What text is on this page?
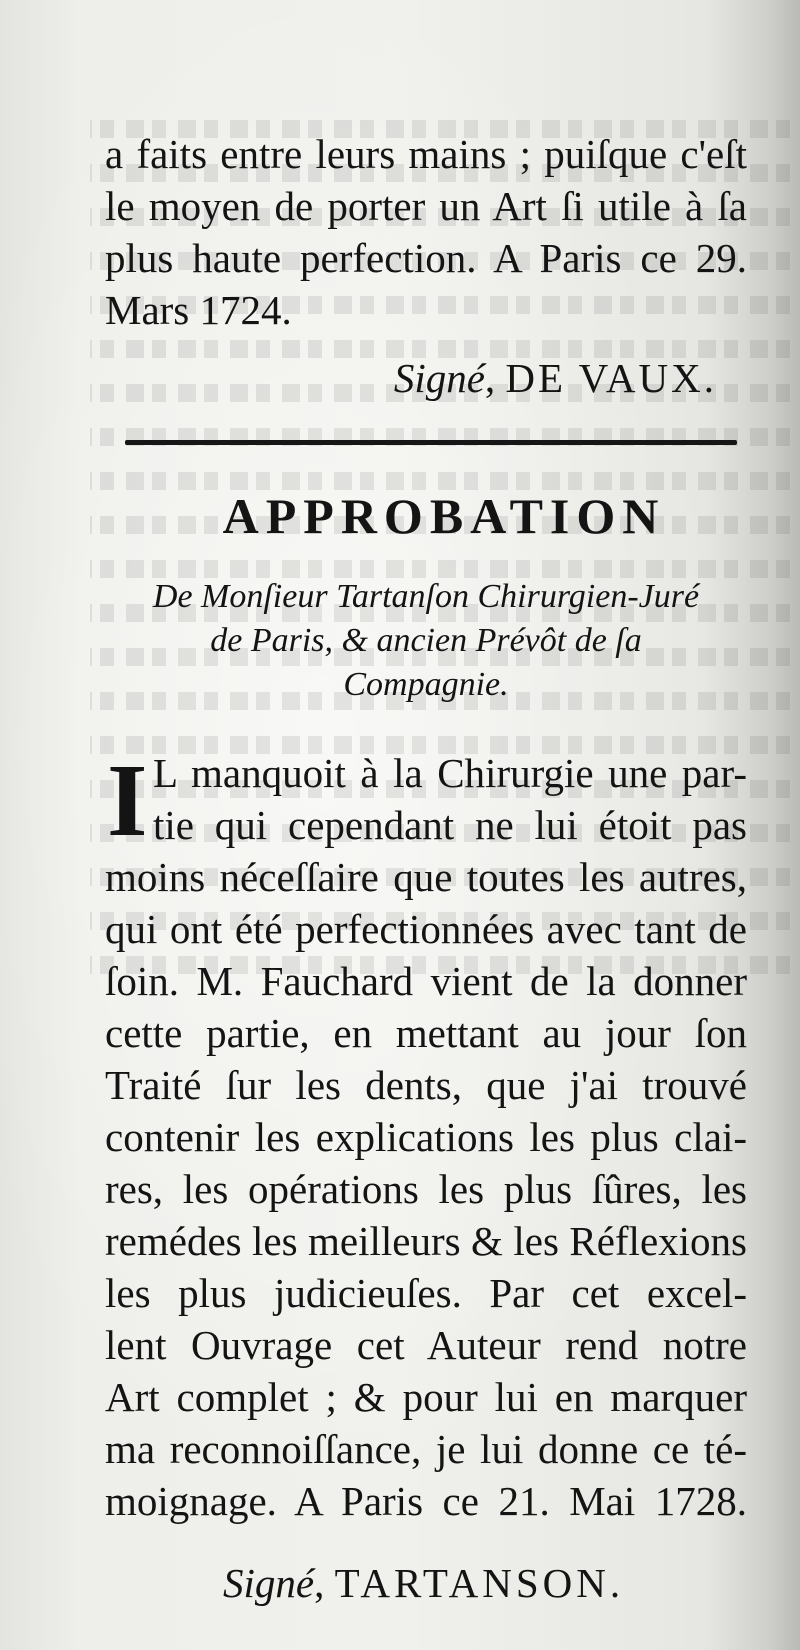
a faits entre leurs mains ; puiſque c'eſt
le moyen de porter un Art ſi utile à ſa
plus haute perfection. A Paris ce 29.
Mars 1724.
Signé, DE VAUX.
APPROBATION
De Monſieur Tartanſon Chirurgien-Juré
de Paris, & ancien Prévôt de ſa
Compagnie.
I L manquoit à la Chirurgie une par-
tie qui cependant ne lui étoit pas
moins néceſſaire que toutes les autres,
qui ont été perfectionnées avec tant de
ſoin. M. Fauchard vient de la donner
cette partie, en mettant au jour ſon
Traité ſur les dents, que j'ai trouvé
contenir les explications les plus clai-
res, les opérations les plus ſûres, les
remédes les meilleurs & les Réflexions
les plus judicieuſes. Par cet excel-
lent Ouvrage cet Auteur rend notre
Art complet ; & pour lui en marquer
ma reconnoiſſance, je lui donne ce té-
moignage. A Paris ce 21. Mai 1728.
Signé, TARTANSON.
